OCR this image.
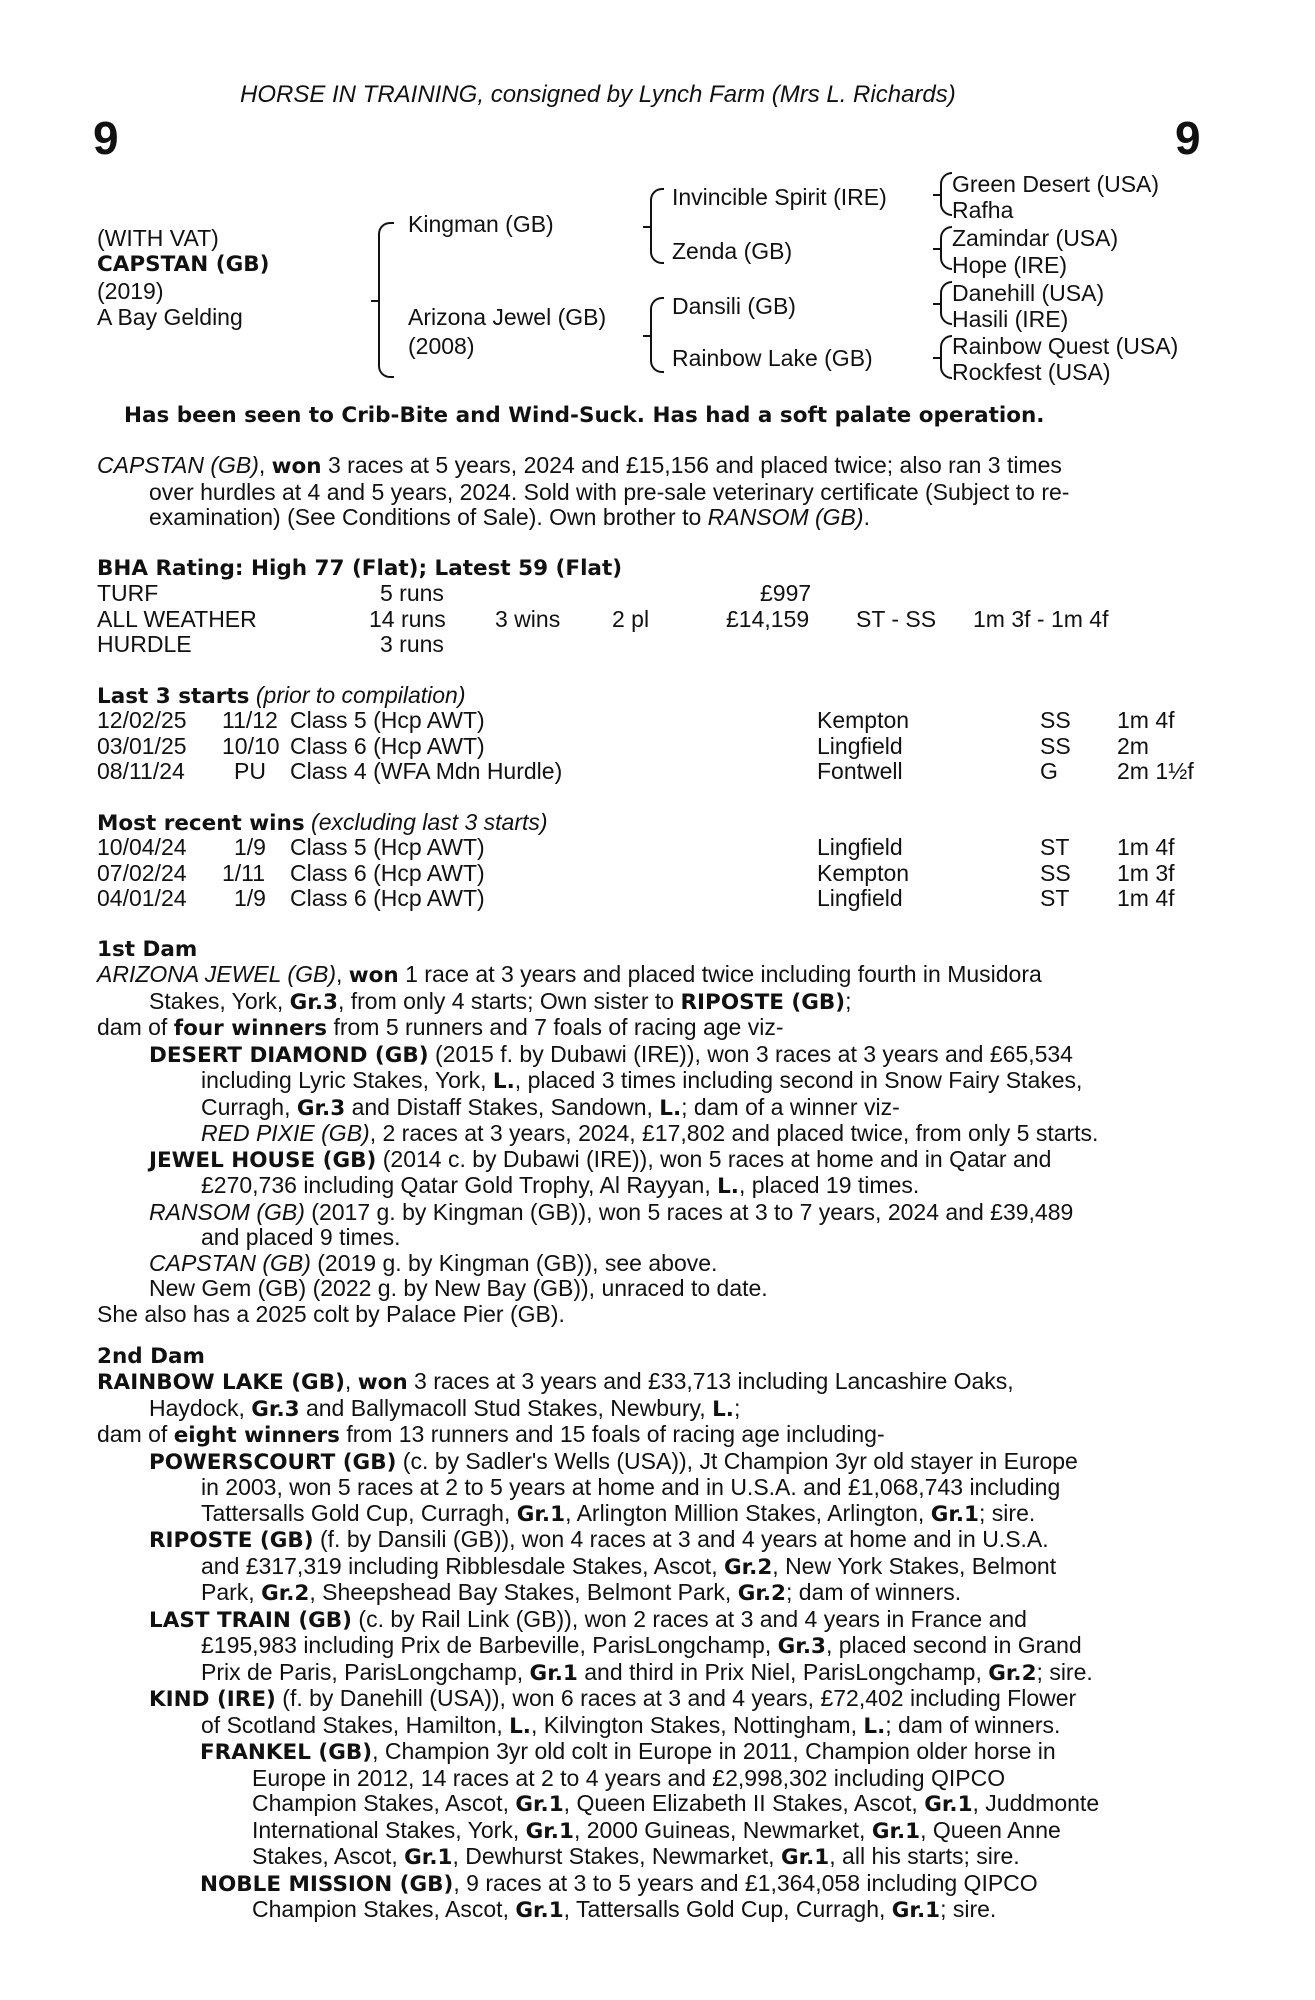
HORSE IN TRAINING, consigned by Lynch Farm (Mrs L. Richards)
9	9
(WITH VAT)
CAPSTAN (GB)
(2019)
A Bay Gelding
Kingman (GB)
Arizona Jewel (GB)
(2008)
Invincible Spirit (IRE)
Zenda (GB)
Dansili (GB)
Rainbow Lake (GB)
Green Desert (USA)
Rafha
Zamindar (USA)
Hope (IRE)
Danehill (USA)
Hasili (IRE)
Rainbow Quest (USA)
Rockfest (USA)
Has been seen to Crib-Bite and Wind-Suck. Has had a soft palate operation.
CAPSTAN (GB), won 3 races at 5 years, 2024 and £15,156 and placed twice; also ran 3 times
over hurdles at 4 and 5 years, 2024. Sold with pre-sale veterinary certificate (Subject to re-
examination) (See Conditions of Sale). Own brother to RANSOM (GB).
BHA Rating: High 77 (Flat); Latest 59 (Flat)
TURF	5 runs	£997
ALL WEATHER	14 runs 3 wins 2 pl	£14,159 ST - SS 1m 3f - 1m 4f
HURDLE	3 runs
Last 3 starts (prior to compilation)
12/02/25 11/12 Class 5 (Hcp AWT)	Kempton	SS 1m 4f
03/01/25 10/10 Class 6 (Hcp AWT)	Lingfield	SS 2m
08/11/24 PU Class 4 (WFA Mdn Hurdle)	Fontwell	G	2m 1½f
Most recent wins (excluding last 3 starts)
10/04/24 1/9 Class 5 (Hcp AWT)	Lingfield	ST 1m 4f
07/02/24 1/11 Class 6 (Hcp AWT)	Kempton	SS 1m 3f
04/01/24 1/9 Class 6 (Hcp AWT)	Lingfield	ST 1m 4f
1st Dam
ARIZONA JEWEL (GB), won 1 race at 3 years and placed twice including fourth in Musidora
Stakes, York, Gr.3, from only 4 starts; Own sister to RIPOSTE (GB);
dam of four winners from 5 runners and 7 foals of racing age viz-
DESERT DIAMOND (GB) (2015 f. by Dubawi (IRE)), won 3 races at 3 years and £65,534
including Lyric Stakes, York, L., placed 3 times including second in Snow Fairy Stakes,
Curragh, Gr.3 and Distaff Stakes, Sandown, L.; dam of a winner viz-
RED PIXIE (GB), 2 races at 3 years, 2024, £17,802 and placed twice, from only 5 starts.
JEWEL HOUSE (GB) (2014 c. by Dubawi (IRE)), won 5 races at home and in Qatar and
£270,736 including Qatar Gold Trophy, Al Rayyan, L., placed 19 times.
RANSOM (GB) (2017 g. by Kingman (GB)), won 5 races at 3 to 7 years, 2024 and £39,489
and placed 9 times.
CAPSTAN (GB) (2019 g. by Kingman (GB)), see above.
New Gem (GB) (2022 g. by New Bay (GB)), unraced to date.
She also has a 2025 colt by Palace Pier (GB).
2nd Dam
RAINBOW LAKE (GB), won 3 races at 3 years and £33,713 including Lancashire Oaks,
Haydock, Gr.3 and Ballymacoll Stud Stakes, Newbury, L.;
dam of eight winners from 13 runners and 15 foals of racing age including-
POWERSCOURT (GB) (c. by Sadler's Wells (USA)), Jt Champion 3yr old stayer in Europe
in 2003, won 5 races at 2 to 5 years at home and in U.S.A. and £1,068,743 including
Tattersalls Gold Cup, Curragh, Gr.1, Arlington Million Stakes, Arlington, Gr.1; sire.
RIPOSTE (GB) (f. by Dansili (GB)), won 4 races at 3 and 4 years at home and in U.S.A.
and £317,319 including Ribblesdale Stakes, Ascot, Gr.2, New York Stakes, Belmont
Park, Gr.2, Sheepshead Bay Stakes, Belmont Park, Gr.2; dam of winners.
LAST TRAIN (GB) (c. by Rail Link (GB)), won 2 races at 3 and 4 years in France and
£195,983 including Prix de Barbeville, ParisLongchamp, Gr.3, placed second in Grand
Prix de Paris, ParisLongchamp, Gr.1 and third in Prix Niel, ParisLongchamp, Gr.2; sire.
KIND (IRE) (f. by Danehill (USA)), won 6 races at 3 and 4 years, £72,402 including Flower
of Scotland Stakes, Hamilton, L., Kilvington Stakes, Nottingham, L.; dam of winners.
FRANKEL (GB), Champion 3yr old colt in Europe in 2011, Champion older horse in
Europe in 2012, 14 races at 2 to 4 years and £2,998,302 including QIPCO
Champion Stakes, Ascot, Gr.1, Queen Elizabeth II Stakes, Ascot, Gr.1, Juddmonte
International Stakes, York, Gr.1, 2000 Guineas, Newmarket, Gr.1, Queen Anne
Stakes, Ascot, Gr.1, Dewhurst Stakes, Newmarket, Gr.1, all his starts; sire.
NOBLE MISSION (GB), 9 races at 3 to 5 years and £1,364,058 including QIPCO
Champion Stakes, Ascot, Gr.1, Tattersalls Gold Cup, Curragh, Gr.1; sire.
